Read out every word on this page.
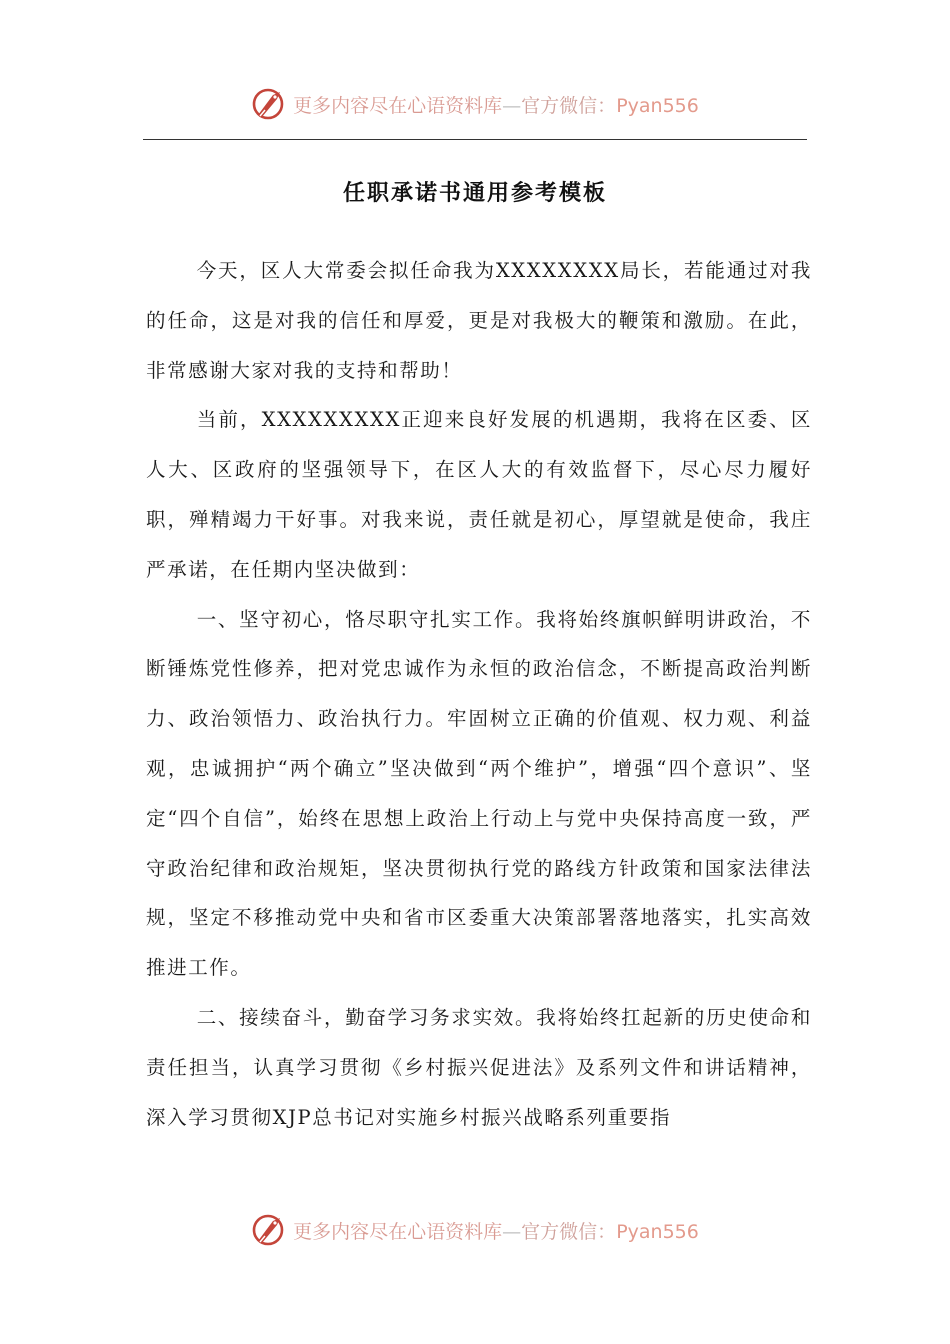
更多内容尽在心语资料库—官方微信：Pyan556
任职承诺书通用参考模板

今天，区人大常委会拟任命我为XXXXXXXX局长，若能通过对我的任命，这是对我的信任和厚爱，更是对我极大的鞭策和激励。在此，非常感谢大家对我的支持和帮助！

当前，XXXXXXXXX正迎来良好发展的机遇期，我将在区委、区人大、区政府的坚强领导下，在区人大的有效监督下，尽心尽力履好职，殚精竭力干好事。对我来说，责任就是初心，厚望就是使命，我庄严承诺，在任期内坚决做到：

一、坚守初心，恪尽职守扎实工作。我将始终旗帜鲜明讲政治，不断锤炼党性修养，把对党忠诚作为永恒的政治信念，不断提高政治判断力、政治领悟力、政治执行力。牢固树立正确的价值观、权力观、利益观，忠诚拥护“两个确立”坚决做到“两个维护”，增强“四个意识”、坚定“四个自信”，始终在思想上政治上行动上与党中央保持高度一致，严守政治纪律和政治规矩，坚决贯彻执行党的路线方针政策和国家法律法规，坚定不移推动党中央和省市区委重大决策部署落地落实，扎实高效推进工作。

二、接续奋斗，勤奋学习务求实效。我将始终扛起新的历史使命和责任担当，认真学习贯彻《乡村振兴促进法》及系列文件和讲话精神，深入学习贯彻XJP总书记对实施乡村振兴战略系列重要指

更多内容尽在心语资料库—官方微信：Pyan556
